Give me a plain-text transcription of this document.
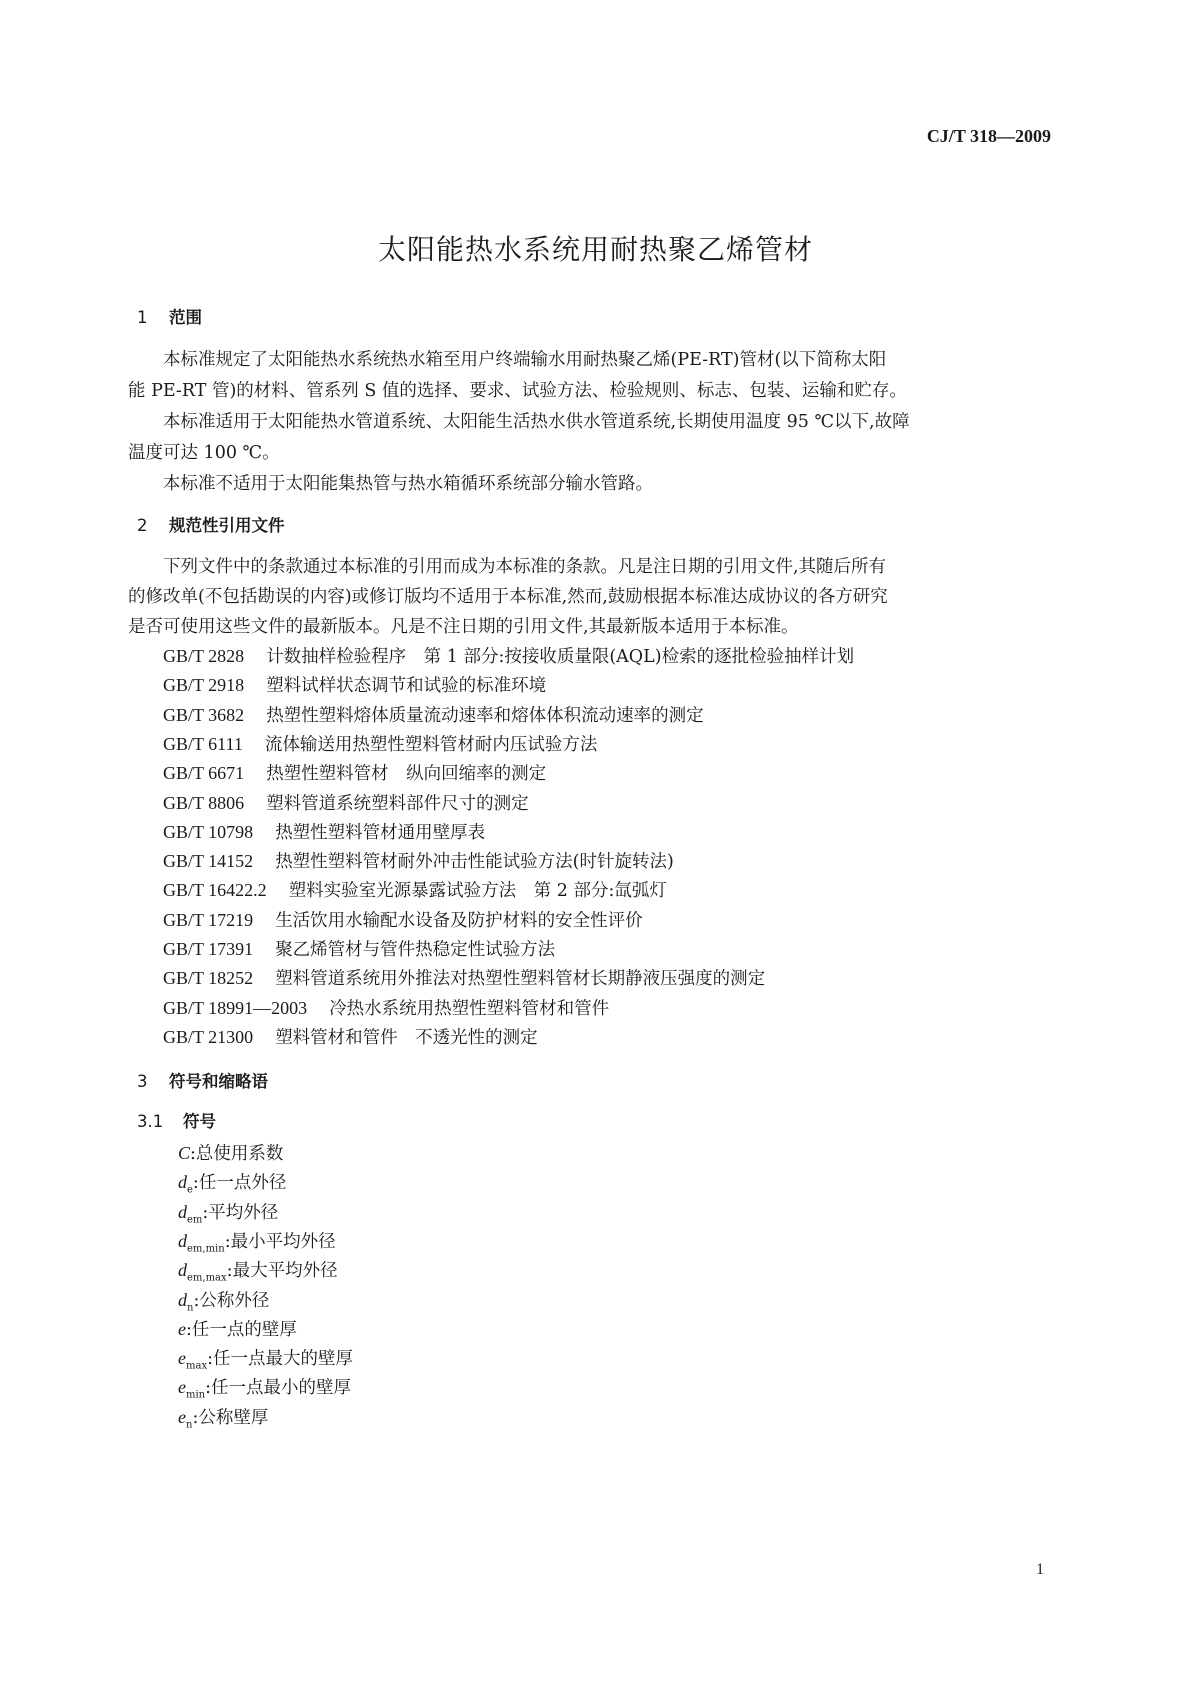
CJ/T 318—2009
太阳能热水系统用耐热聚乙烯管材
1 范围
本标准规定了太阳能热水系统热水箱至用户终端输水用耐热聚乙烯(PE-RT)管材(以下简称太阳
能 PE-RT 管)的材料、管系列 S 值的选择、要求、试验方法、检验规则、标志、包装、运输和贮存。
本标准适用于太阳能热水管道系统、太阳能生活热水供水管道系统,长期使用温度 95 ℃以下,故障
温度可达 100 ℃。
本标准不适用于太阳能集热管与热水箱循环系统部分输水管路。
2 规范性引用文件
下列文件中的条款通过本标准的引用而成为本标准的条款。凡是注日期的引用文件,其随后所有
的修改单(不包括勘误的内容)或修订版均不适用于本标准,然而,鼓励根据本标准达成协议的各方研究
是否可使用这些文件的最新版本。凡是不注日期的引用文件,其最新版本适用于本标准。
GB/T 2828 计数抽样检验程序　第 1 部分:按接收质量限(AQL)检索的逐批检验抽样计划
GB/T 2918 塑料试样状态调节和试验的标准环境
GB/T 3682 热塑性塑料熔体质量流动速率和熔体体积流动速率的测定
GB/T 6111 流体输送用热塑性塑料管材耐内压试验方法
GB/T 6671 热塑性塑料管材　纵向回缩率的测定
GB/T 8806 塑料管道系统塑料部件尺寸的测定
GB/T 10798 热塑性塑料管材通用壁厚表
GB/T 14152 热塑性塑料管材耐外冲击性能试验方法(时针旋转法)
GB/T 16422.2 塑料实验室光源暴露试验方法　第 2 部分:氙弧灯
GB/T 17219 生活饮用水输配水设备及防护材料的安全性评价
GB/T 17391 聚乙烯管材与管件热稳定性试验方法
GB/T 18252 塑料管道系统用外推法对热塑性塑料管材长期静液压强度的测定
GB/T 18991—2003 冷热水系统用热塑性塑料管材和管件
GB/T 21300 塑料管材和管件　不透光性的测定
3 符号和缩略语
3.1 符号
C:总使用系数
$d_e$:任一点外径
$d_{em}$:平均外径
$d_{em,min}$:最小平均外径
$d_{em,max}$:最大平均外径
$d_n$:公称外径
e:任一点的壁厚
$e_{max}$:任一点最大的壁厚
$e_{min}$:任一点最小的壁厚
$e_n$:公称壁厚
1
